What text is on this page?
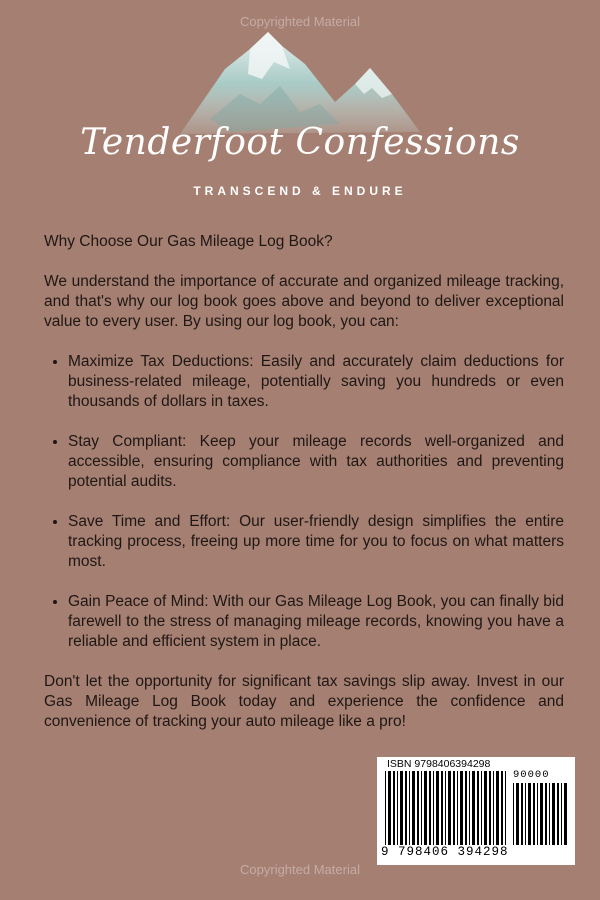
Copyrighted Material
Tenderfoot Confessions
TRANSCEND & ENDURE

Why Choose Our Gas Mileage Log Book?

We understand the importance of accurate and organized mileage tracking, and that's why our log book goes above and beyond to deliver exceptional value to every user. By using our log book, you can:

• Maximize Tax Deductions: Easily and accurately claim deductions for business-related mileage, potentially saving you hundreds or even thousands of dollars in taxes.
• Stay Compliant: Keep your mileage records well-organized and accessible, ensuring compliance with tax authorities and preventing potential audits.
• Save Time and Effort: Our user-friendly design simplifies the entire tracking process, freeing up more time for you to focus on what matters most.
• Gain Peace of Mind: With our Gas Mileage Log Book, you can finally bid farewell to the stress of managing mileage records, knowing you have a reliable and efficient system in place.

Don't let the opportunity for significant tax savings slip away. Invest in our Gas Mileage Log Book today and experience the confidence and convenience of tracking your auto mileage like a pro!

ISBN 9798406394298
90000
9 798406 394298
Copyrighted Material
